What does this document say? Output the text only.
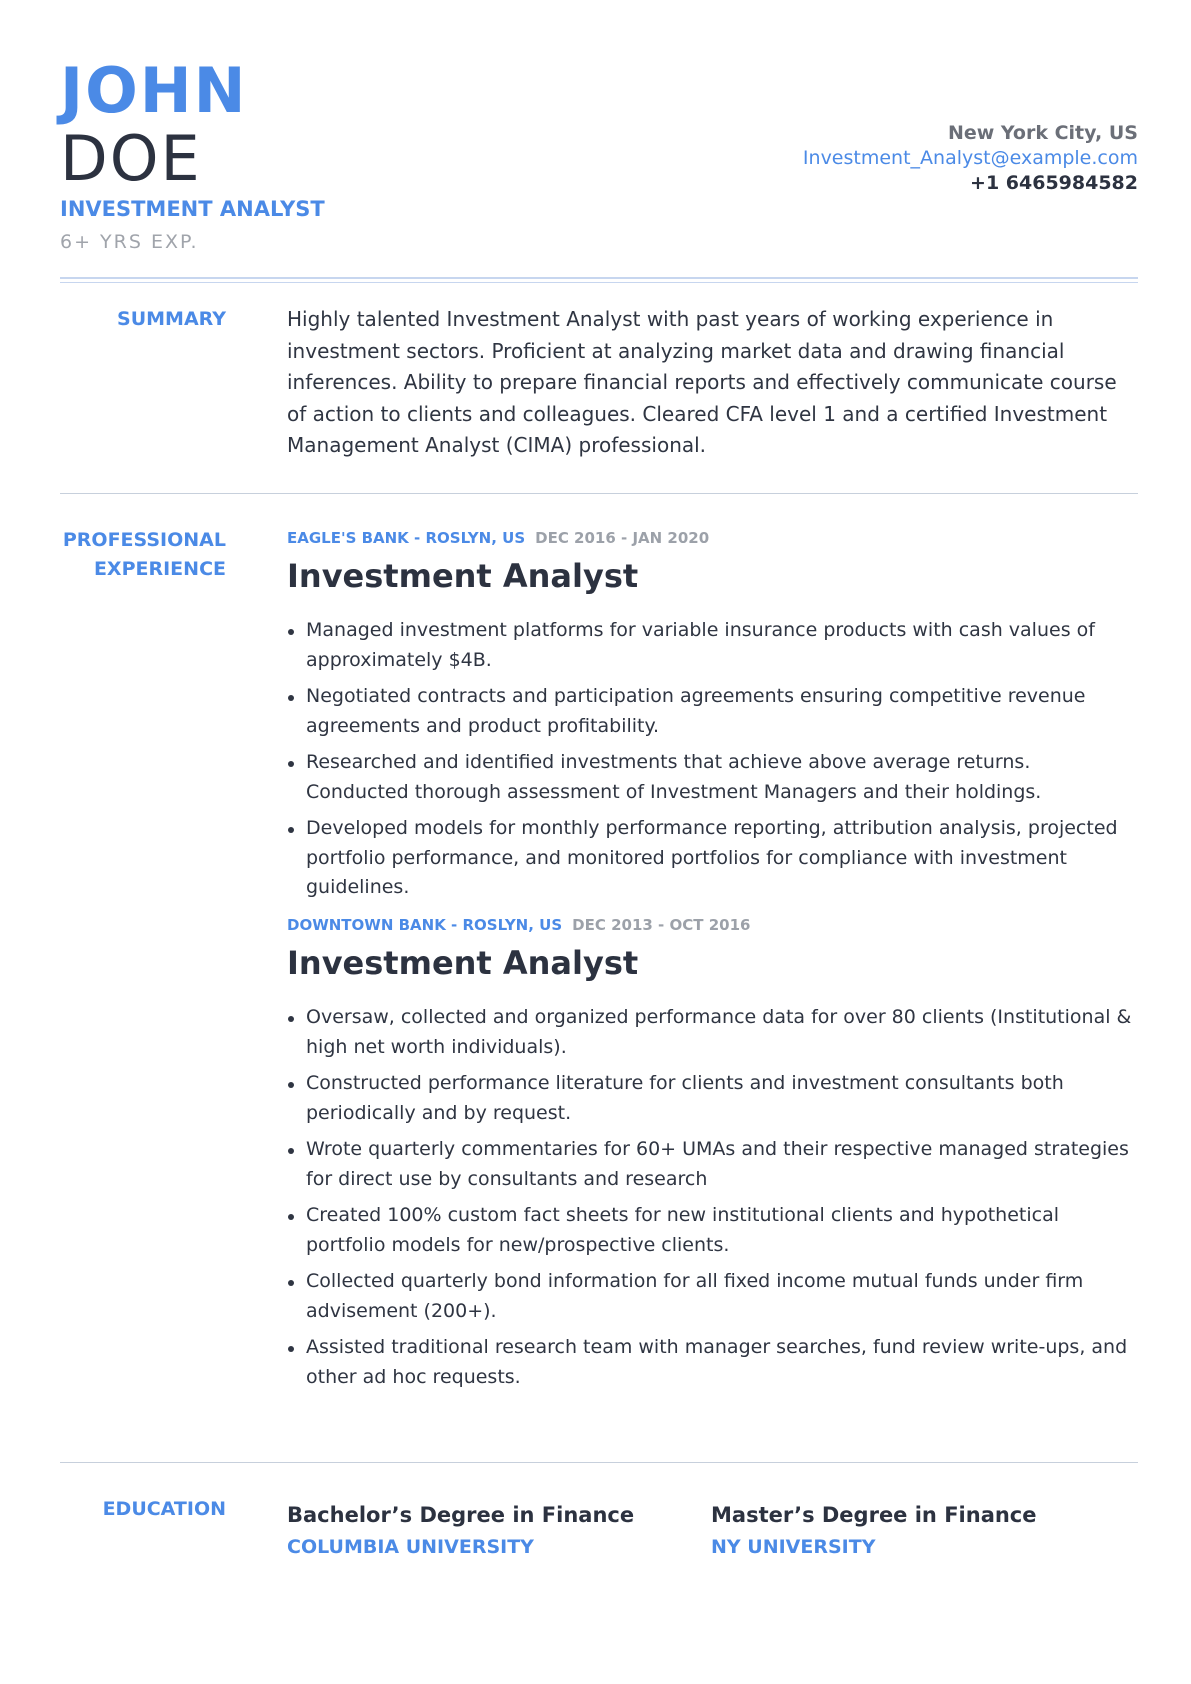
JOHN
DOE
INVESTMENT ANALYST
6+ YRS EXP.
New York City, US
Investment_Analyst@example.com
+1 6465984582
SUMMARY	Highly talented Investment Analyst with past years of working experience in investment sectors. Proficient at analyzing market data and drawing financial inferences. Ability to prepare financial reports and effectively communicate course of action to clients and colleagues. Cleared CFA level 1 and a certified Investment Management Analyst (CIMA) professional.

PROFESSIONAL
EXPERIENCE
EAGLE'S BANK - ROSLYN, US DEC 2016 - JAN 2020
Investment Analyst
Managed investment platforms for variable insurance products with cash values of approximately $4B.
Negotiated contracts and participation agreements ensuring competitive revenue agreements and product profitability.
Researched and identified investments that achieve above average returns. Conducted thorough assessment of Investment Managers and their holdings.
Developed models for monthly performance reporting, attribution analysis, projected portfolio performance, and monitored portfolios for compliance with investment guidelines.
DOWNTOWN BANK - ROSLYN, US DEC 2013 - OCT 2016
Investment Analyst
Oversaw, collected and organized performance data for over 80 clients (Institutional & high net worth individuals).
Constructed performance literature for clients and investment consultants both periodically and by request.
Wrote quarterly commentaries for 60+ UMAs and their respective managed strategies for direct use by consultants and research
Created 100% custom fact sheets for new institutional clients and hypothetical portfolio models for new/prospective clients.
Collected quarterly bond information for all fixed income mutual funds under firm advisement (200+).
Assisted traditional research team with manager searches, fund review write-ups, and other ad hoc requests.
EDUCATION	Bachelor’s Degree in Finance
COLUMBIA UNIVERSITY
Master’s Degree in Finance
NY UNIVERSITY
